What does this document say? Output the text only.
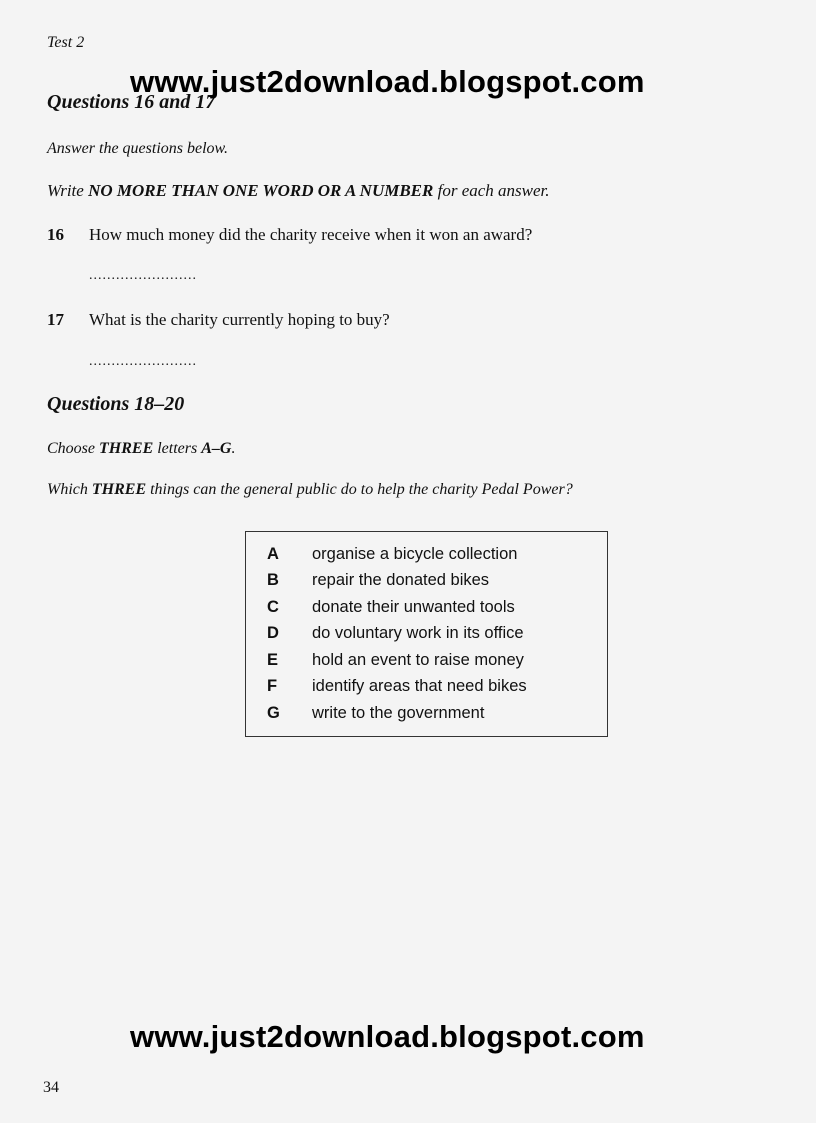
Test 2
Questions 16 and 17
www.just2download.blogspot.com
Answer the questions below.
Write NO MORE THAN ONE WORD OR A NUMBER for each answer.
16 How much money did the charity receive when it won an award?
........................
17 What is the charity currently hoping to buy?
........................
Questions 18–20
Choose THREE letters A–G.
Which THREE things can the general public do to help the charity Pedal Power?
A	organise a bicycle collection
B	repair the donated bikes
C	donate their unwanted tools
D	do voluntary work in its office
E	hold an event to raise money
F	identify areas that need bikes
G	write to the government
www.just2download.blogspot.com
34
